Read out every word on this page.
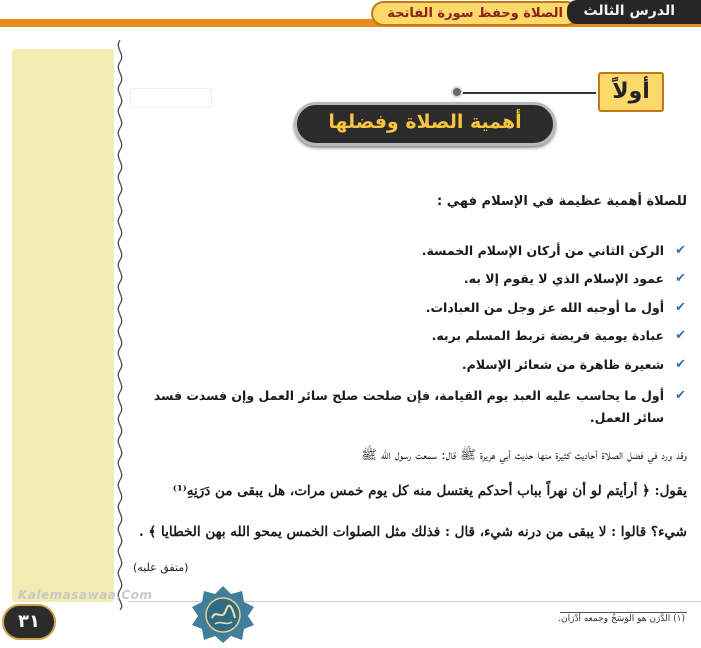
الصلاة وحفظ سورة الفاتحة الدرس الثالث
أولاً
أهمية الصلاة وفضلها
للصلاة أهمية عظيمة في الإسلام فهي :
✔
الركن الثاني من أركان الإسلام الخمسة.
✔
عمود الإسلام الذي لا يقوم إلا به.
✔
أول ما أوجبه الله عز وجل من العبادات.
✔
عبادة يومية فريضة تربط المسلم بربه.
✔
شعيرة ظاهرة من شعائر الإسلام.
✔
أول ما يحاسب عليه العبد يوم القيامة، فإن صلحت صلح سائر العمل وإن فسدت فسد
سائر العمل.
وقد ورد في فضل الصلاة أحاديث كثيرة منها حديث أبي هريرة ﷺ قال: سمعت رسول الله ﷺ
يقول: ﴿ أرأيتم لو أن نهراً بباب أحدكم يغتسل منه كل يوم خمس مرات، هل يبقى من دَرَنِهِ⁽¹⁾
شيء؟ قالوا : لا يبقى من درنه شيء، قال : فذلك مثل الصلوات الخمس يمحو الله بهن الخطايا ﴾ .
(متفق عليه)
(١) الدَّرَن هو الوَسَخُ وجمعه أدْرَان.
Kalemasawaa.Com
٣١
